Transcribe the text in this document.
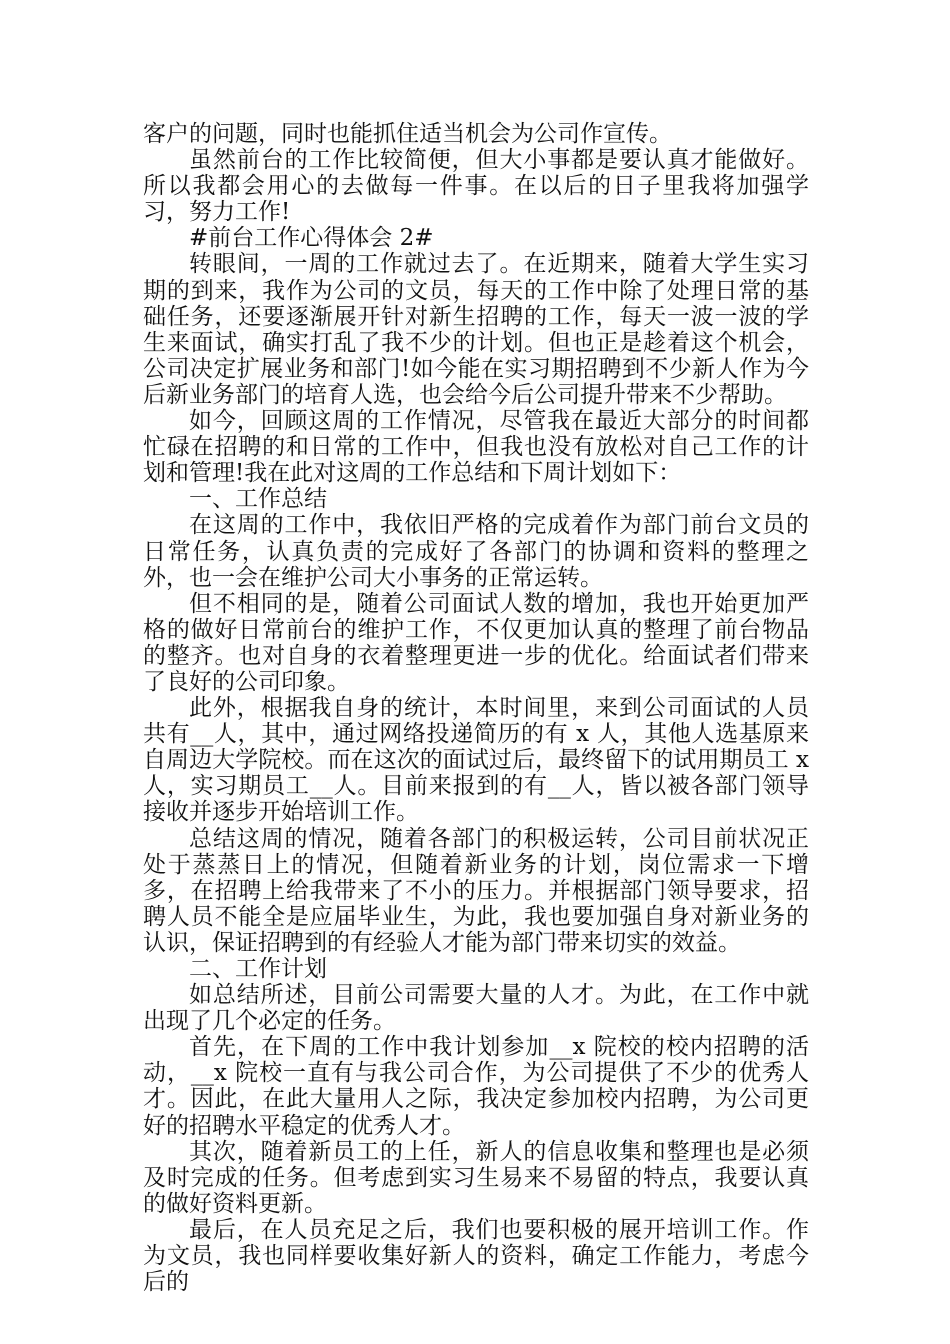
客户的问题，同时也能抓住适当机会为公司作宣传。

虽然前台的工作比较简便，但大小事都是要认真才能做好。所以我都会用心的去做每一件事。在以后的日子里我将加强学习，努力工作!

#前台工作心得体会 2#

转眼间，一周的工作就过去了。在近期来，随着大学生实习期的到来，我作为公司的文员，每天的工作中除了处理日常的基础任务，还要逐渐展开针对新生招聘的工作，每天一波一波的学生来面试，确实打乱了我不少的计划。但也正是趁着这个机会，公司决定扩展业务和部门!如今能在实习期招聘到不少新人作为今后新业务部门的培育人选，也会给今后公司提升带来不少帮助。

如今，回顾这周的工作情况，尽管我在最近大部分的时间都忙碌在招聘的和日常的工作中，但我也没有放松对自己工作的计划和管理!我在此对这周的工作总结和下周计划如下：

一、工作总结

在这周的工作中，我依旧严格的完成着作为部门前台文员的日常任务，认真负责的完成好了各部门的协调和资料的整理之外，也一会在维护公司大小事务的正常运转。

但不相同的是，随着公司面试人数的增加，我也开始更加严格的做好日常前台的维护工作，不仅更加认真的整理了前台物品的整齐。也对自身的衣着整理更进一步的优化。给面试者们带来了良好的公司印象。

此外，根据我自身的统计，本时间里，来到公司面试的人员共有__人，其中，通过网络投递简历的有 x 人，其他人选基原来自周边大学院校。而在这次的面试过后，最终留下的试用期员工 x 人，实习期员工__人。目前来报到的有__人，皆以被各部门领导接收并逐步开始培训工作。

总结这周的情况，随着各部门的积极运转，公司目前状况正处于蒸蒸日上的情况，但随着新业务的计划，岗位需求一下增多，在招聘上给我带来了不小的压力。并根据部门领导要求，招聘人员不能全是应届毕业生，为此，我也要加强自身对新业务的认识，保证招聘到的有经验人才能为部门带来切实的效益。

二、工作计划

如总结所述，目前公司需要大量的人才。为此，在工作中就出现了几个必定的任务。

首先，在下周的工作中我计划参加__x 院校的校内招聘的活动，__x 院校一直有与我公司合作，为公司提供了不少的优秀人才。因此，在此大量用人之际，我决定参加校内招聘，为公司更好的招聘水平稳定的优秀人才。

其次，随着新员工的上任，新人的信息收集和整理也是必须及时完成的任务。但考虑到实习生易来不易留的特点，我要认真的做好资料更新。

最后，在人员充足之后，我们也要积极的展开培训工作。作为文员，我也同样要收集好新人的资料，确定工作能力，考虑今后的
